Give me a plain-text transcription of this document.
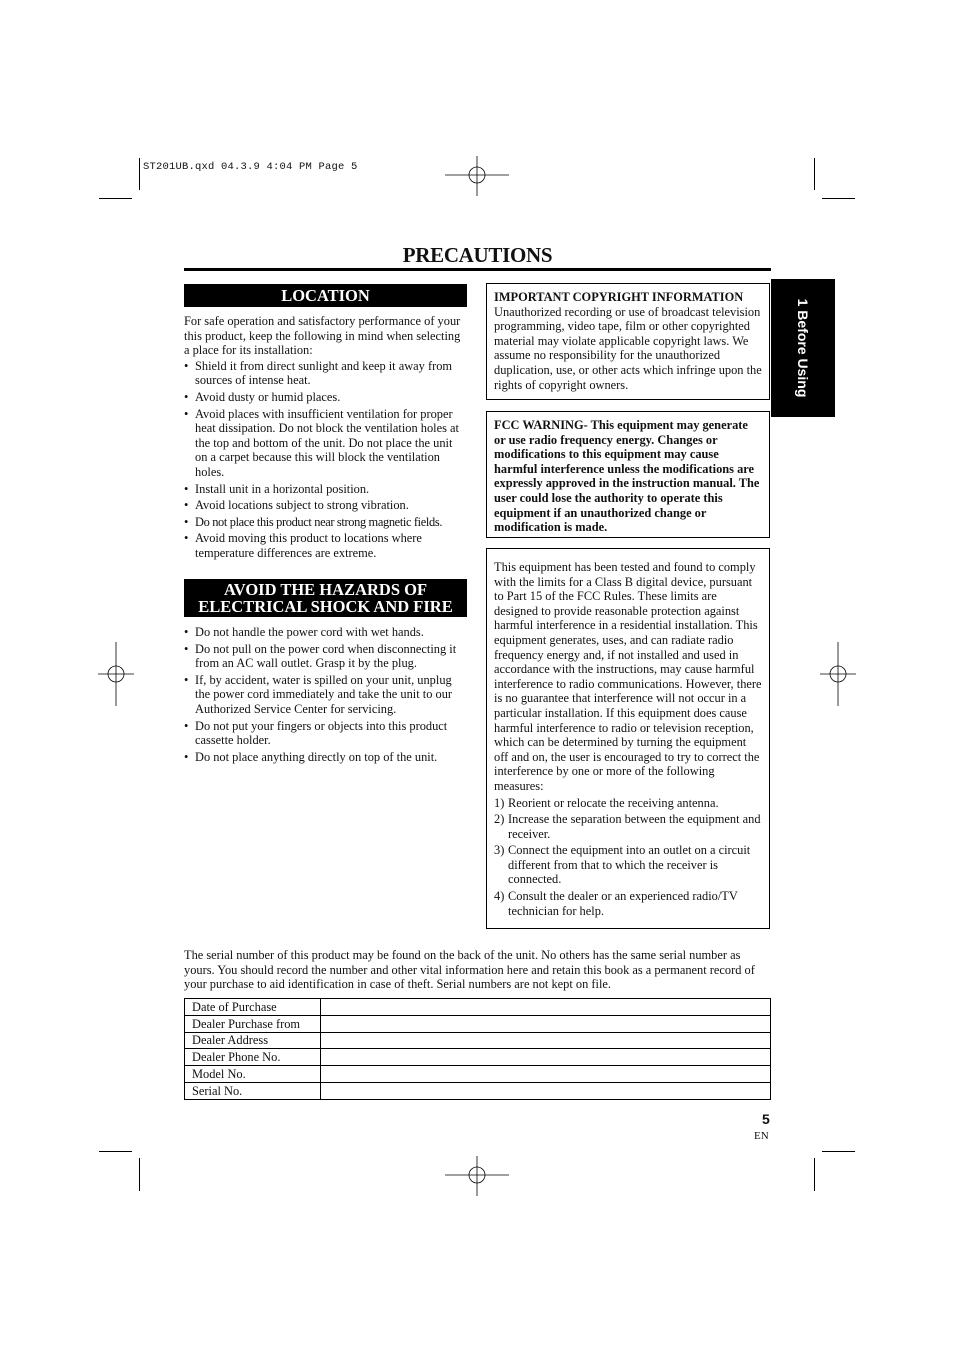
ST201UB.qxd 04.3.9 4:04 PM Page 5
PRECAUTIONS
1 Before Using
LOCATION
For safe operation and satisfactory performance of your this product, keep the following in mind when selecting a place for its installation:
• Shield it from direct sunlight and keep it away from sources of intense heat.
• Avoid dusty or humid places.
• Avoid places with insufficient ventilation for proper heat dissipation. Do not block the ventilation holes at the top and bottom of the unit. Do not place the unit on a carpet because this will block the ventilation holes.
• Install unit in a horizontal position.
• Avoid locations subject to strong vibration.
• Do not place this product near strong magnetic fields.
• Avoid moving this product to locations where temperature differences are extreme.
AVOID THE HAZARDS OF
ELECTRICAL SHOCK AND FIRE
• Do not handle the power cord with wet hands.
• Do not pull on the power cord when disconnecting it from an AC wall outlet. Grasp it by the plug.
• If, by accident, water is spilled on your unit, unplug the power cord immediately and take the unit to our Authorized Service Center for servicing.
• Do not put your fingers or objects into this product cassette holder.
• Do not place anything directly on top of the unit.

IMPORTANT COPYRIGHT INFORMATION

Unauthorized recording or use of broadcast television programming, video tape, film or other copyrighted material may violate applicable copyright laws. We assume no responsibility for the unauthorized duplication, use, or other acts which infringe upon the rights of copyright owners.

FCC WARNING- This equipment may generate or use radio frequency energy. Changes or modifications to this equipment may cause harmful interference unless the modifications are expressly approved in the instruction manual. The user could lose the authority to operate this equipment if an unauthorized change or modification is made.

This equipment has been tested and found to comply with the limits for a Class B digital device, pursuant to Part 15 of the FCC Rules. These limits are designed to provide reasonable protection against harmful interference in a residential installation. This equipment generates, uses, and can radiate radio frequency energy and, if not installed and used in accordance with the instructions, may cause harmful interference to radio communications. However, there is no guarantee that interference will not occur in a particular installation. If this equipment does cause harmful interference to radio or television reception, which can be determined by turning the equipment off and on, the user is encouraged to try to correct the interference by one or more of the following measures:

1) Reorient or relocate the receiving antenna.
2) Increase the separation between the equipment and receiver.
3) Connect the equipment into an outlet on a circuit different from that to which the receiver is connected.
4) Consult the dealer or an experienced radio/TV technician for help.
The serial number of this product may be found on the back of the unit. No others has the same serial number as yours. You should record the number and other vital information here and retain this book as a permanent record of your purchase to aid identification in case of theft. Serial numbers are not kept on file.
Date of Purchase	
Dealer Purchase from	
Dealer Address	
Dealer Phone No.	
Model No.	
Serial No.	
5
EN
